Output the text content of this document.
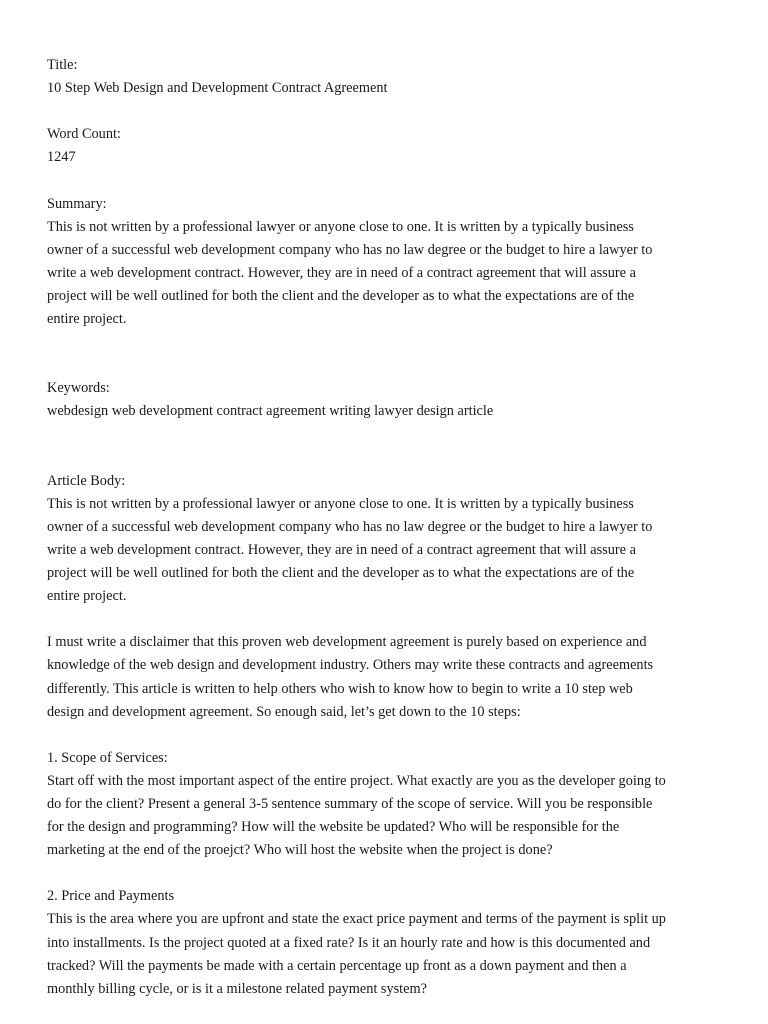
Title:

10 Step Web Design and Development Contract Agreement

Word Count:

1247

Summary:

This is not written by a professional lawyer or anyone close to one. It is written by a typically business

owner of a successful web development company who has no law degree or the budget to hire a lawyer to

write a web development contract. However, they are in need of a contract agreement that will assure a

project will be well outlined for both the client and the developer as to what the expectations are of the

entire project.

Keywords:

webdesign web development contract agreement writing lawyer design article

Article Body:

This is not written by a professional lawyer or anyone close to one. It is written by a typically business

owner of a successful web development company who has no law degree or the budget to hire a lawyer to

write a web development contract. However, they are in need of a contract agreement that will assure a

project will be well outlined for both the client and the developer as to what the expectations are of the

entire project.

I must write a disclaimer that this proven web development agreement is purely based on experience and

knowledge of the web design and development industry. Others may write these contracts and agreements

differently. This article is written to help others who wish to know how to begin to write a 10 step web

design and development agreement. So enough said, let’s get down to the 10 steps:

1. Scope of Services:

Start off with the most important aspect of the entire project. What exactly are you as the developer going to

do for the client? Present a general 3-5 sentence summary of the scope of service. Will you be responsible

for the design and programming? How will the website be updated? Who will be responsible for the

marketing at the end of the proejct? Who will host the website when the project is done?

2. Price and Payments

This is the area where you are upfront and state the exact price payment and terms of the payment is split up

into installments. Is the project quoted at a fixed rate? Is it an hourly rate and how is this documented and

tracked? Will the payments be made with a certain percentage up front as a down payment and then a

monthly billing cycle, or is it a milestone related payment system?
